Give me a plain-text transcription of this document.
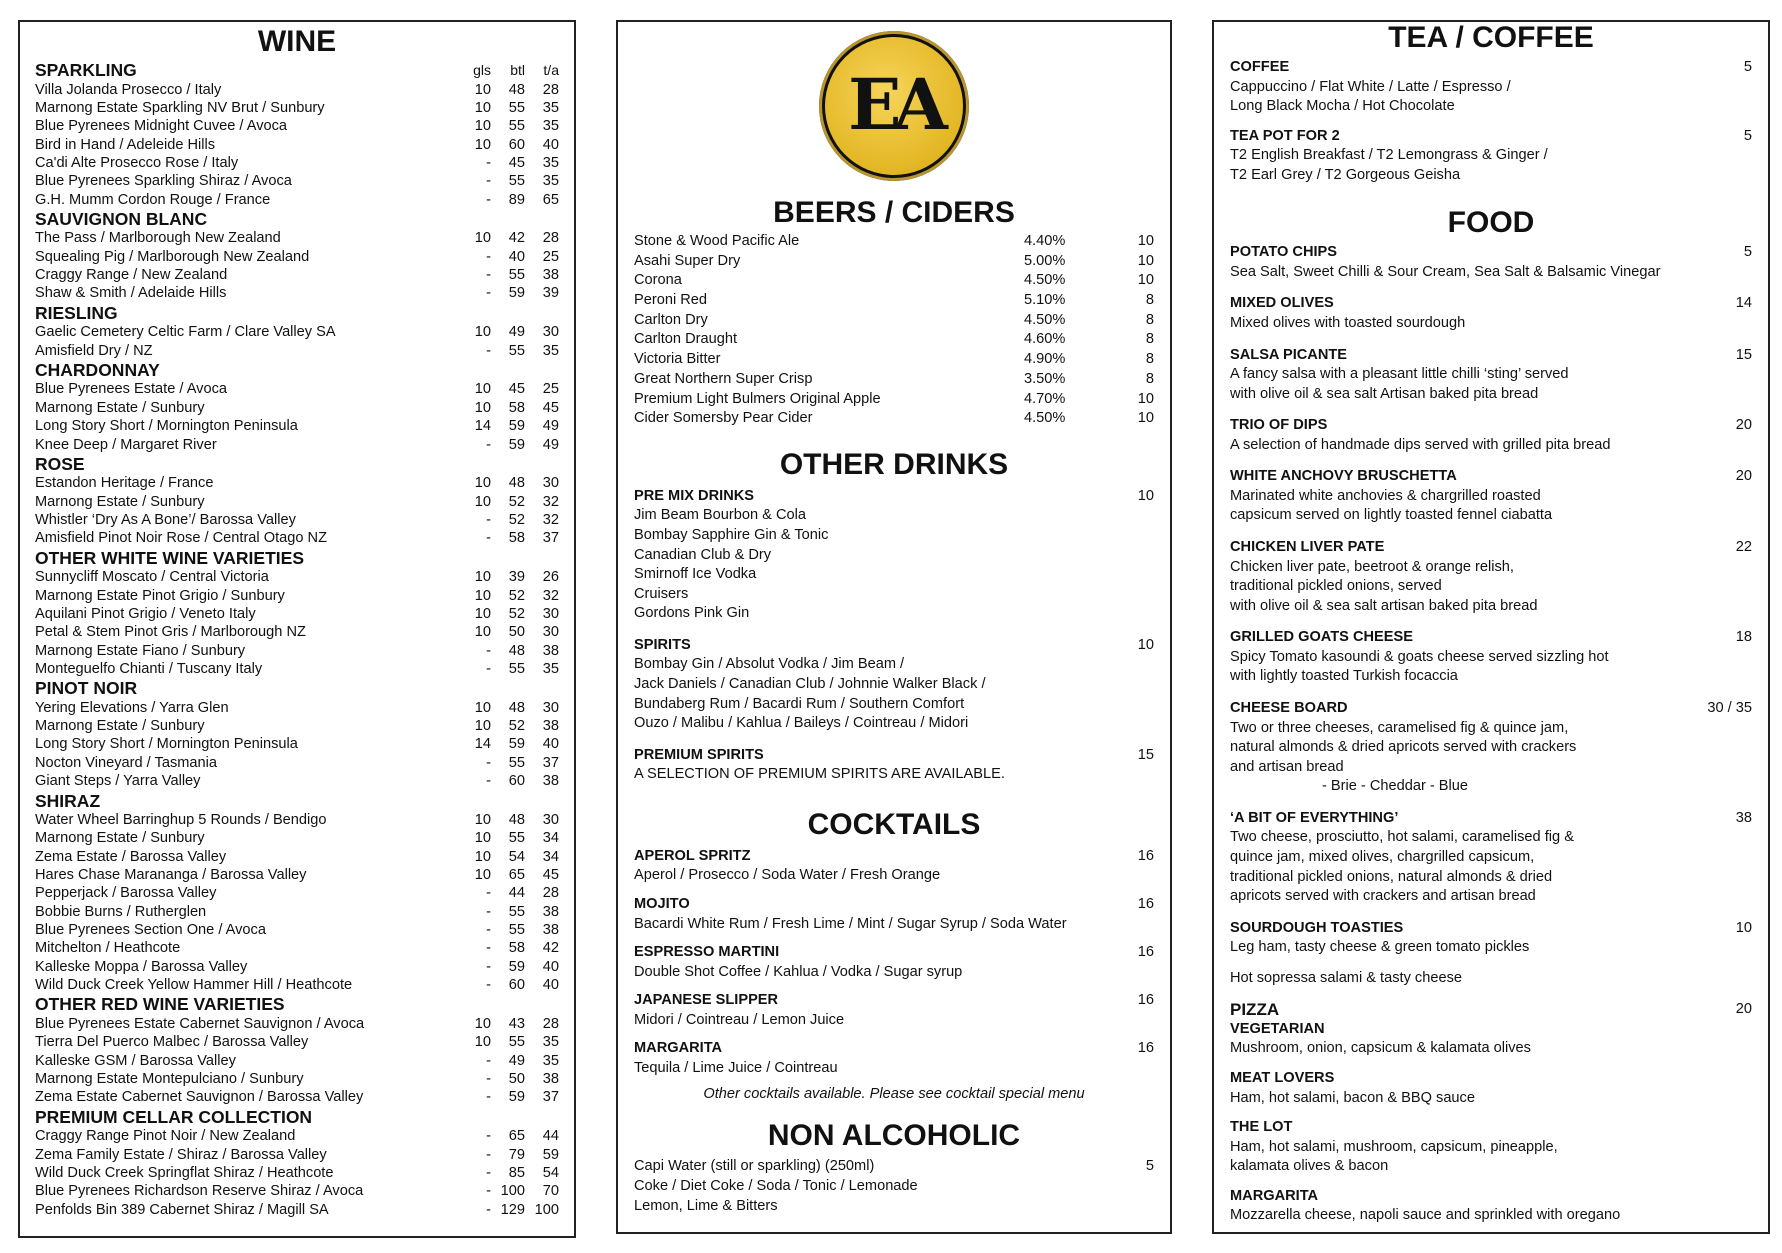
WINE
SPARKLING	gls	btl	t/a
Villa Jolanda Prosecco / Italy	10	48	28
Marnong Estate Sparkling NV Brut / Sunbury	10	55	35
Blue Pyrenees Midnight Cuvee / Avoca	10	55	35
Bird in Hand / Adeleide Hills	10	60	40
Ca'di Alte Prosecco Rose / Italy	-	45	35
Blue Pyrenees Sparkling Shiraz / Avoca	-	55	35
G.H. Mumm Cordon Rouge / France	-	89	65
SAUVIGNON BLANC
The Pass / Marlborough New Zealand	10	42	28
Squealing Pig / Marlborough New Zealand	-	40	25
Craggy Range / New Zealand	-	55	38
Shaw & Smith / Adelaide Hills	-	59	39
RIESLING
Gaelic Cemetery Celtic Farm / Clare Valley SA	10	49	30
Amisfield Dry / NZ	-	55	35
CHARDONNAY
Blue Pyrenees Estate / Avoca	10	45	25
Marnong Estate / Sunbury	10	58	45
Long Story Short / Mornington Peninsula	14	59	49
Knee Deep / Margaret River	-	59	49
ROSE
Estandon Heritage / France	10	48	30
Marnong Estate / Sunbury	10	52	32
Whistler ‘Dry As A Bone’/ Barossa Valley	-	52	32
Amisfield Pinot Noir Rose / Central Otago NZ	-	58	37
OTHER WHITE WINE VARIETIES
Sunnycliff Moscato / Central Victoria	10	39	26
Marnong Estate Pinot Grigio / Sunbury	10	52	32
Aquilani Pinot Grigio / Veneto Italy	10	52	30
Petal & Stem Pinot Gris / Marlborough NZ	10	50	30
Marnong Estate Fiano / Sunbury	-	48	38
Monteguelfo Chianti / Tuscany Italy	-	55	35
PINOT NOIR
Yering Elevations / Yarra Glen	10	48	30
Marnong Estate / Sunbury	10	52	38
Long Story Short / Mornington Peninsula	14	59	40
Nocton Vineyard / Tasmania	-	55	37
Giant Steps / Yarra Valley	-	60	38
SHIRAZ
Water Wheel Barringhup 5 Rounds / Bendigo	10	48	30
Marnong Estate / Sunbury	10	55	34
Zema Estate / Barossa Valley	10	54	34
Hares Chase Marananga / Barossa Valley	10	65	45
Pepperjack / Barossa Valley	-	44	28
Bobbie Burns / Rutherglen	-	55	38
Blue Pyrenees Section One / Avoca	-	55	38
Mitchelton / Heathcote	-	58	42
Kalleske Moppa / Barossa Valley	-	59	40
Wild Duck Creek Yellow Hammer Hill / Heathcote	-	60	40
OTHER RED WINE VARIETIES
Blue Pyrenees Estate Cabernet Sauvignon / Avoca	10	43	28
Tierra Del Puerco Malbec / Barossa Valley	10	55	35
Kalleske GSM / Barossa Valley	-	49	35
Marnong Estate Montepulciano / Sunbury	-	50	38
Zema Estate Cabernet Sauvignon / Barossa Valley	-	59	37
PREMIUM CELLAR COLLECTION
Craggy Range Pinot Noir / New Zealand	-	65	44
Zema Family Estate / Shiraz / Barossa Valley	-	79	59
Wild Duck Creek Springflat Shiraz / Heathcote	-	85	54
Blue Pyrenees Richardson Reserve Shiraz / Avoca	- 100	70
Penfolds Bin 389 Cabernet Shiraz / Magill SA	- 129 100
EA
BEERS / CIDERS
Stone & Wood Pacific Ale	4.40%	10
Asahi Super Dry	5.00%	10
Corona	4.50%	10
Peroni Red	5.10%	8
Carlton Dry	4.50%	8
Carlton Draught	4.60%	8
Victoria Bitter	4.90%	8
Great Northern Super Crisp	3.50%	8
Premium Light Bulmers Original Apple	4.70%	10
Cider Somersby Pear Cider	4.50%	10
OTHER DRINKS
PRE MIX DRINKS	10
Jim Beam Bourbon & Cola
Bombay Sapphire Gin & Tonic
Canadian Club & Dry
Smirnoff Ice Vodka
Cruisers
Gordons Pink Gin
SPIRITS	10
Bombay Gin / Absolut Vodka / Jim Beam /
Jack Daniels / Canadian Club / Johnnie Walker Black /
Bundaberg Rum / Bacardi Rum / Southern Comfort
Ouzo / Malibu / Kahlua / Baileys / Cointreau / Midori
PREMIUM SPIRITS	15
A SELECTION OF PREMIUM SPIRITS ARE AVAILABLE.
COCKTAILS
APEROL SPRITZ	16
Aperol / Prosecco / Soda Water / Fresh Orange
MOJITO	16
Bacardi White Rum / Fresh Lime / Mint / Sugar Syrup / Soda Water
ESPRESSO MARTINI	16
Double Shot Coffee / Kahlua / Vodka / Sugar syrup
JAPANESE SLIPPER	16
Midori / Cointreau / Lemon Juice
MARGARITA	16
Tequila / Lime Juice / Cointreau
Other cocktails available. Please see cocktail special menu
NON ALCOHOLIC
Capi Water (still or sparkling) (250ml)	5
Coke / Diet Coke / Soda / Tonic / Lemonade
Lemon, Lime & Bitters
TEA / COFFEE
COFFEE	5
Cappuccino / Flat White / Latte / Espresso /
Long Black Mocha / Hot Chocolate
TEA POT FOR 2	5
T2 English Breakfast / T2 Lemongrass & Ginger /
T2 Earl Grey / T2 Gorgeous Geisha
FOOD
POTATO CHIPS	5
Sea Salt, Sweet Chilli & Sour Cream, Sea Salt & Balsamic Vinegar
MIXED OLIVES	14
Mixed olives with toasted sourdough
SALSA PICANTE	15
A fancy salsa with a pleasant little chilli ‘sting’ served
with olive oil & sea salt Artisan baked pita bread
TRIO OF DIPS	20
A selection of handmade dips served with grilled pita bread
WHITE ANCHOVY BRUSCHETTA	20
Marinated white anchovies & chargrilled roasted
capsicum served on lightly toasted fennel ciabatta
CHICKEN LIVER PATE	22
Chicken liver pate, beetroot & orange relish,
traditional pickled onions, served
with olive oil & sea salt artisan baked pita bread
GRILLED GOATS CHEESE	18
Spicy Tomato kasoundi & goats cheese served sizzling hot
with lightly toasted Turkish focaccia
CHEESE BOARD	30 / 35
Two or three cheeses, caramelised fig & quince jam,
natural almonds & dried apricots served with crackers
and artisan bread
- Brie - Cheddar - Blue
‘A BIT OF EVERYTHING’	38
Two cheese, prosciutto, hot salami, caramelised fig &
quince jam, mixed olives, chargrilled capsicum,
traditional pickled onions, natural almonds & dried
apricots served with crackers and artisan bread
SOURDOUGH TOASTIES	10
Leg ham, tasty cheese & green tomato pickles
Hot sopressa salami & tasty cheese
PIZZA	20
VEGETARIAN
Mushroom, onion, capsicum & kalamata olives
MEAT LOVERS
Ham, hot salami, bacon & BBQ sauce
THE LOT
Ham, hot salami, mushroom, capsicum, pineapple,
kalamata olives & bacon
MARGARITA
Mozzarella cheese, napoli sauce and sprinkled with oregano
